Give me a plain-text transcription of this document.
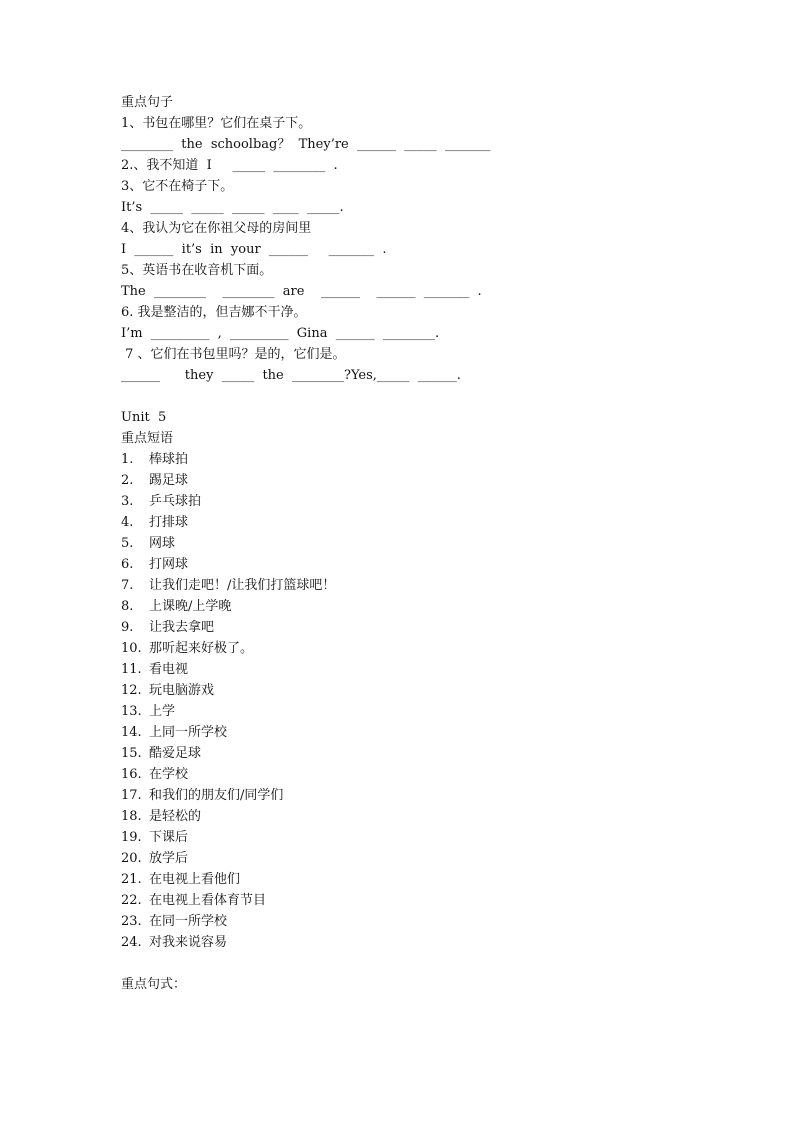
重点句子
1、书包在哪里？它们在桌子下。
________  the  schoolbag？  They’re  ______  _____  _______
2.、我不知道  I     _____  ________  .
3、它不在椅子下。
It’s  _____  _____  _____  ____  _____.
4、我认为它在你祖父母的房间里
I  ______  it’s  in  your  ______     _______  .
5、英语书在收音机下面。
The  ________    ________  are    ______    ______  _______  .
6. 我是整洁的，但吉娜不干净。
I’m  _________  ,  _________  Gina  ______  ________.
7 、它们在书包里吗？是的，它们是。
______      they  _____  the  ________?Yes,_____  ______.
Unit  5
重点短语
1. 棒球拍
2. 踢足球
3. 乒乓球拍
4. 打排球
5. 网球
6. 打网球
7. 让我们走吧！/让我们打篮球吧！
8. 上课晚/上学晚
9. 让我去拿吧
10. 那听起来好极了。
11. 看电视
12. 玩电脑游戏
13. 上学
14. 上同一所学校
15. 酷爱足球
16. 在学校
17. 和我们的朋友们/同学们
18. 是轻松的
19. 下课后
20. 放学后
21. 在电视上看他们
22. 在电视上看体育节目
23. 在同一所学校
24. 对我来说容易
重点句式：
